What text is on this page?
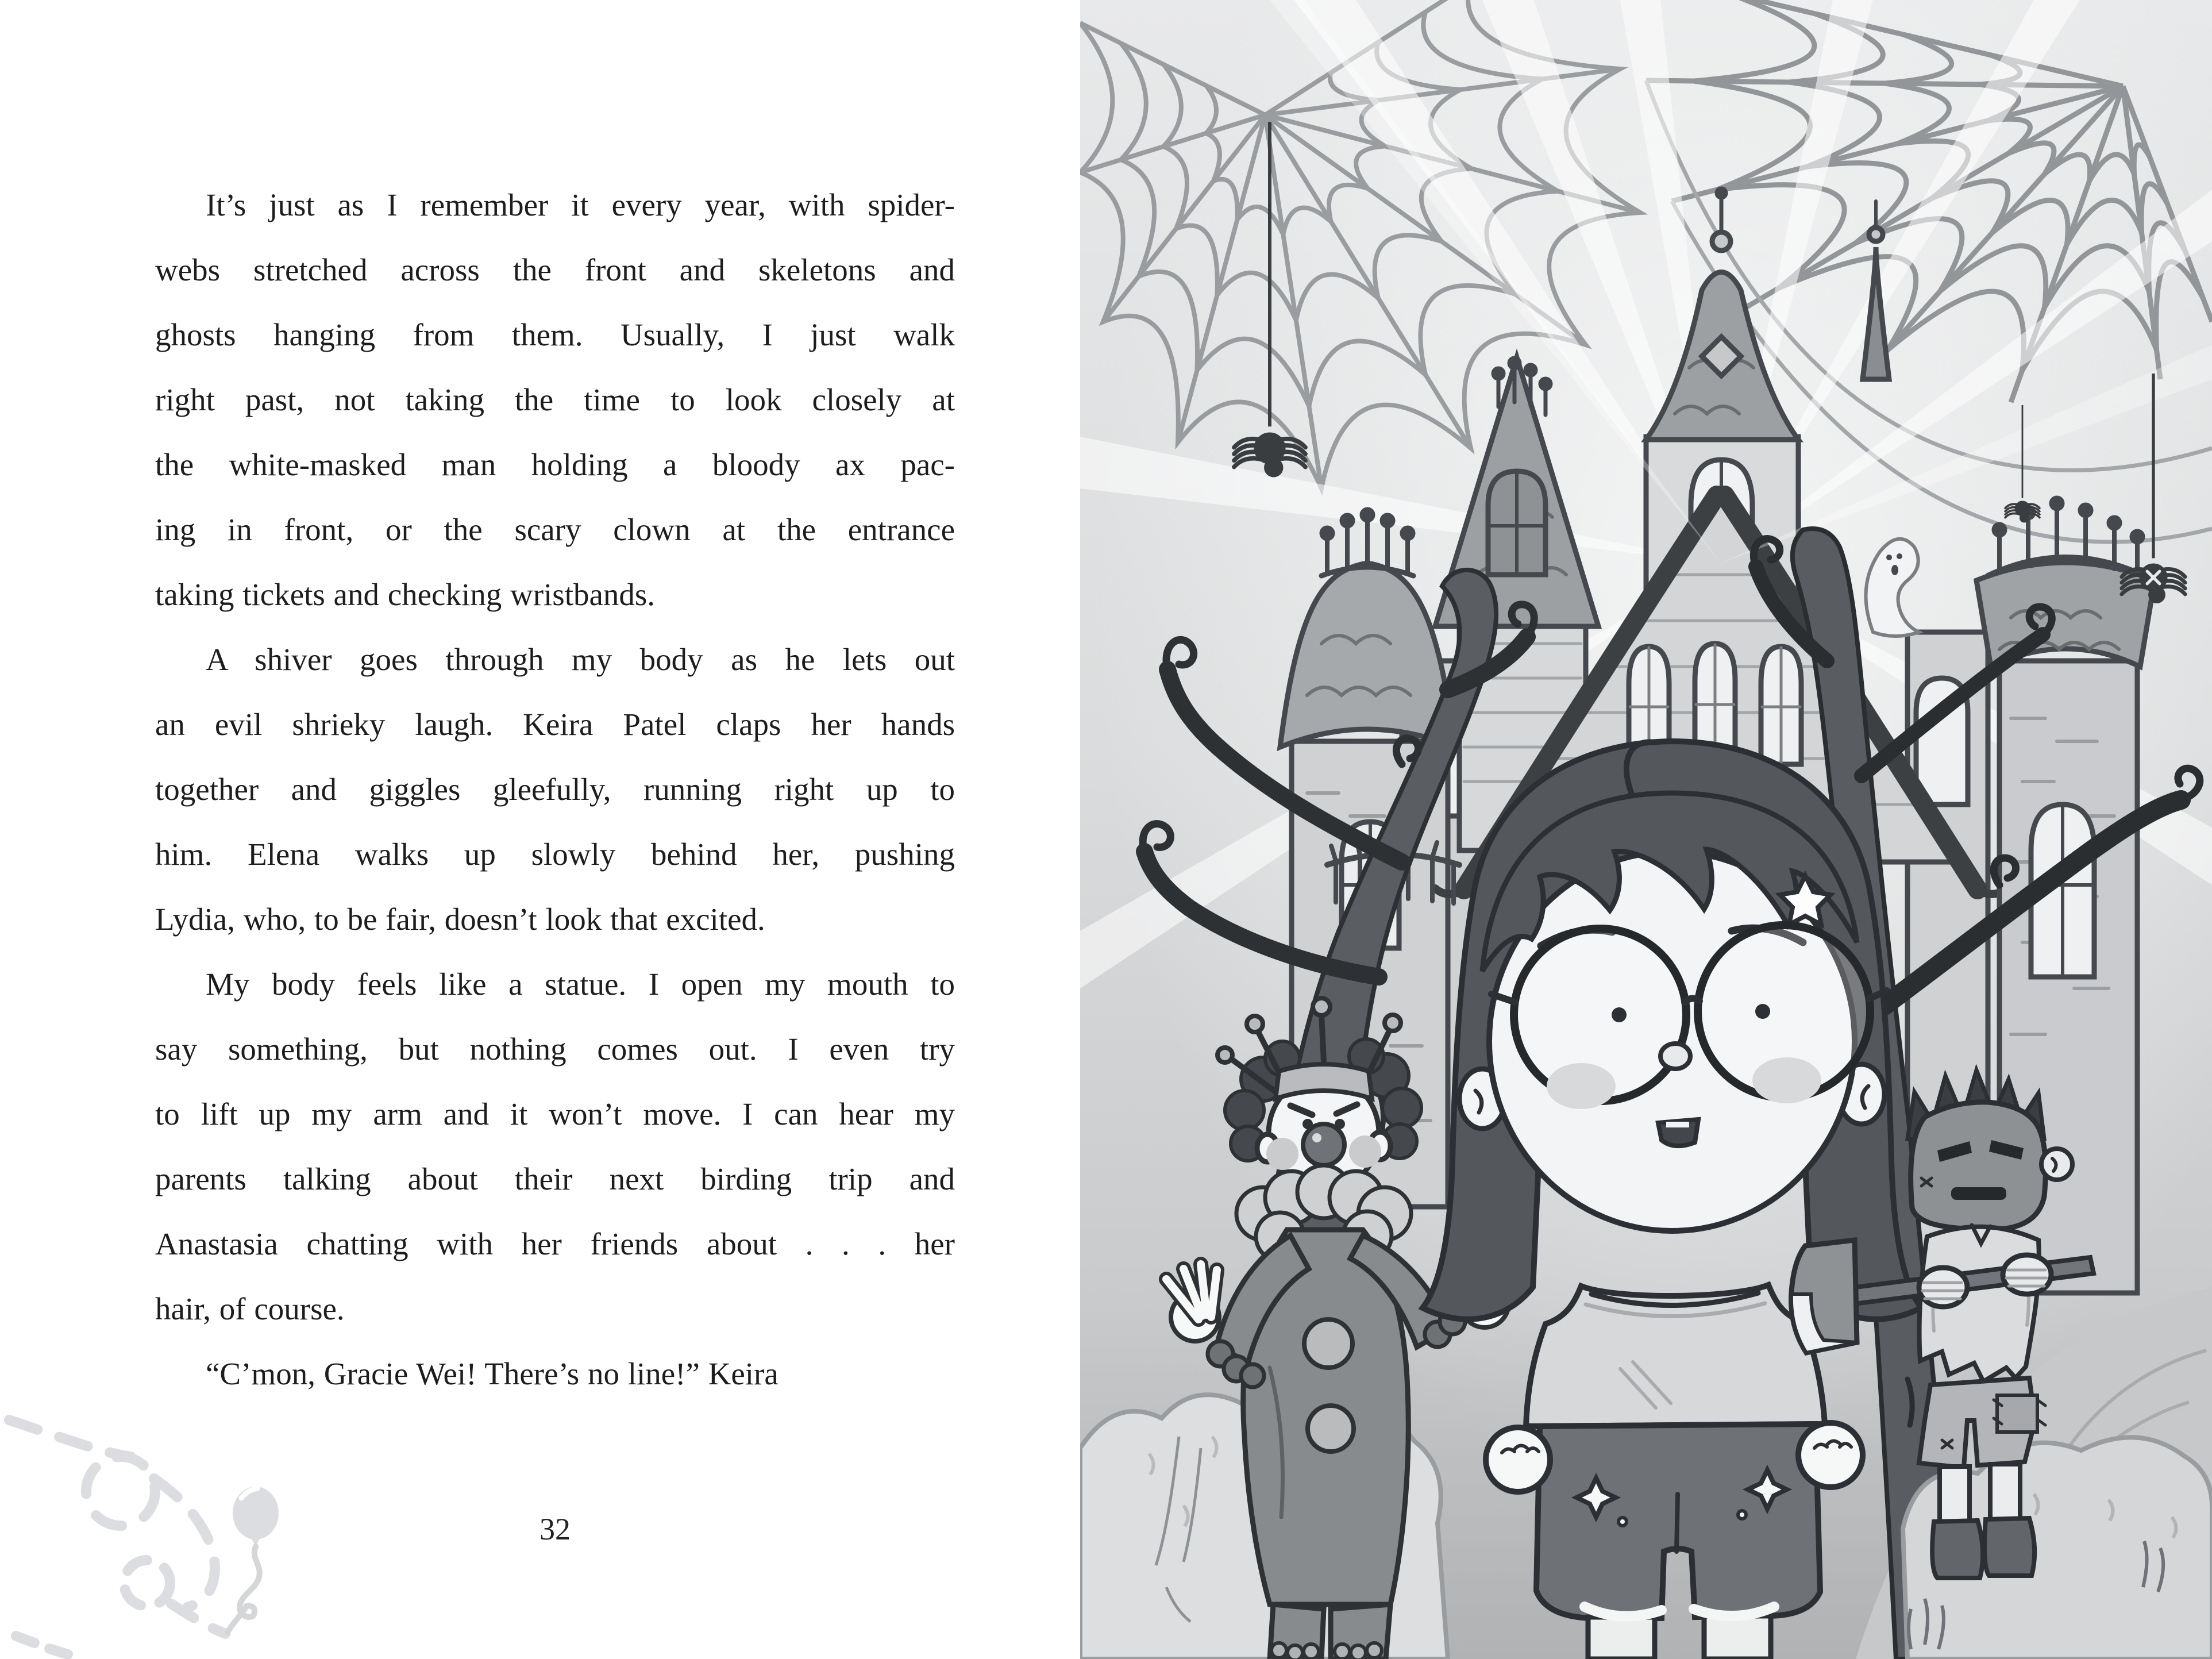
It’s just as I remember it every year, with spider-
webs stretched across the front and skeletons and
ghosts hanging from them. Usually, I just walk
right past, not taking the time to look closely at
the white-masked man holding a bloody ax pac-
ing in front, or the scary clown at the entrance
taking tickets and checking wristbands.
A shiver goes through my body as he lets out
an evil shrieky laugh. Keira Patel claps her hands
together and giggles gleefully, running right up to
him. Elena walks up slowly behind her, pushing
Lydia, who, to be fair, doesn’t look that excited.
My body feels like a statue. I open my mouth to
say something, but nothing comes out. I even try
to lift up my arm and it won’t move. I can hear my
parents talking about their next birding trip and
Anastasia chatting with her friends about . . . her
hair, of course.
“C’mon, Gracie Wei! There’s no line!” Keira
32
